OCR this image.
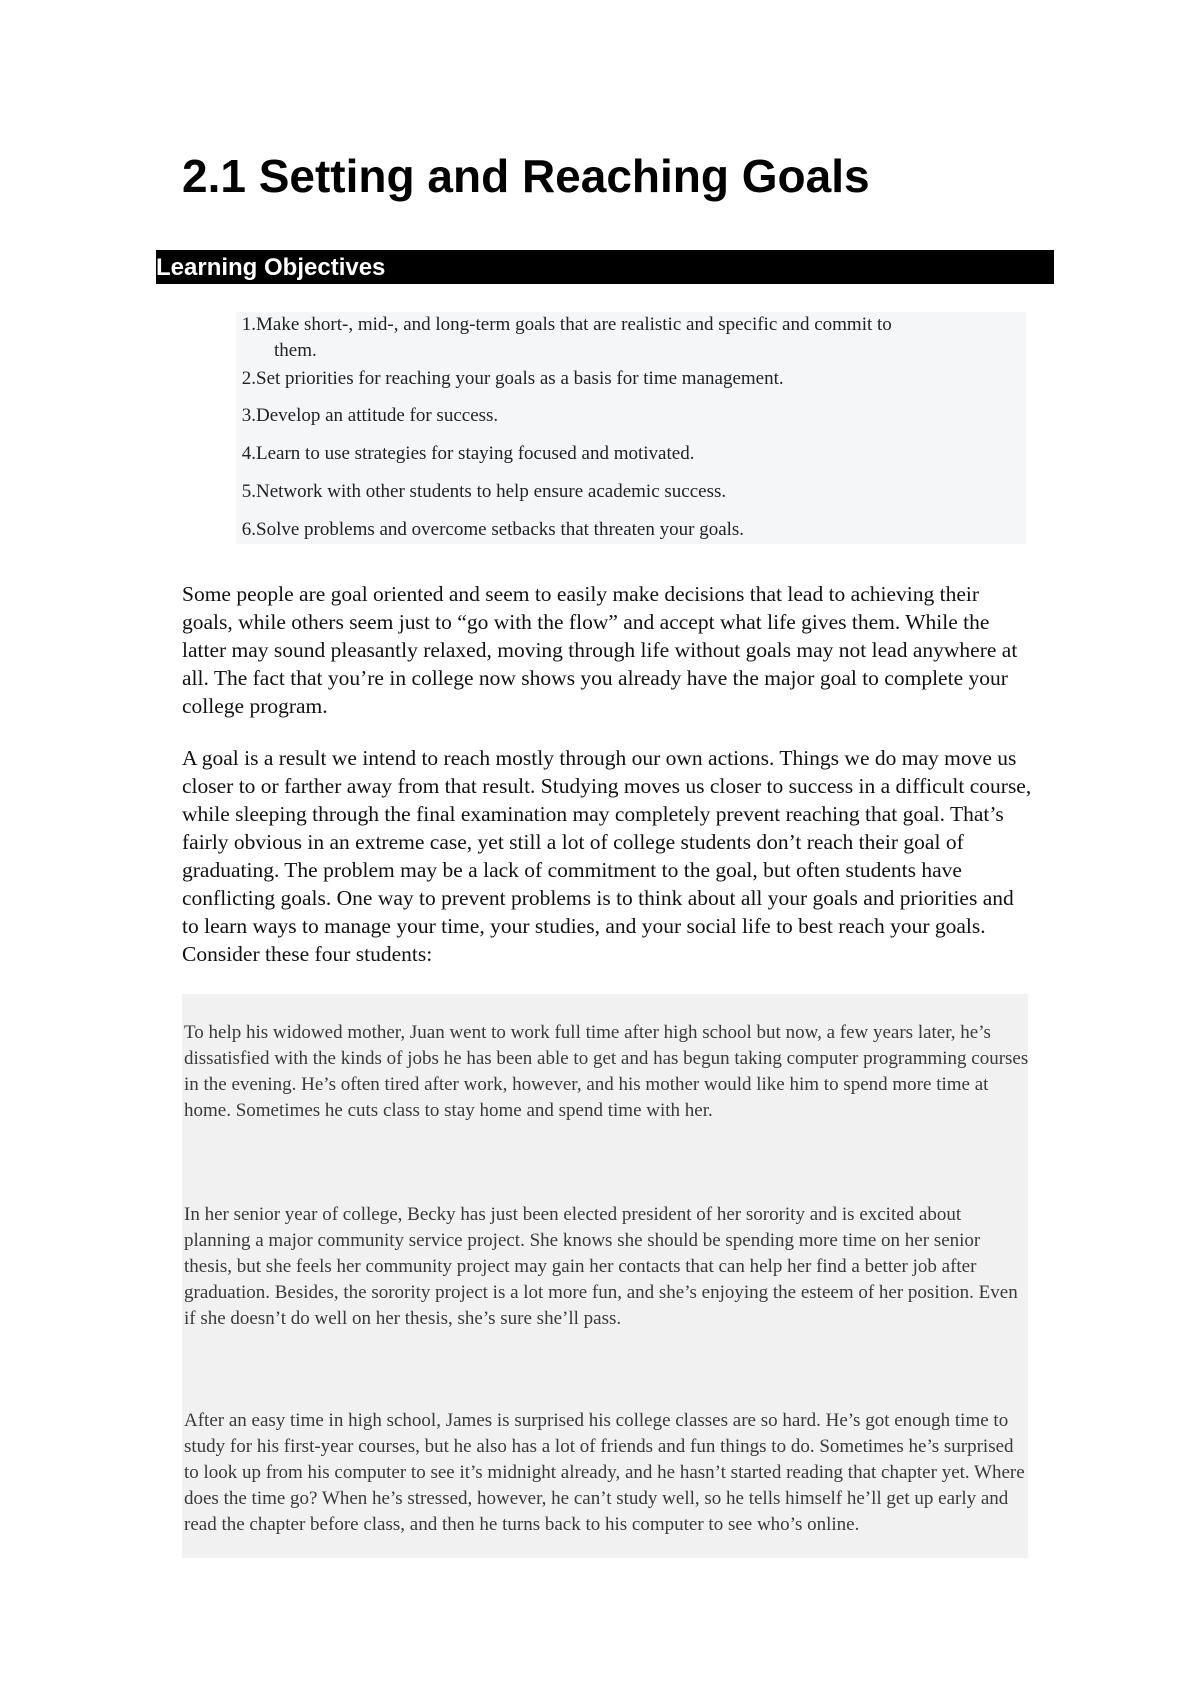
2.1 Setting and Reaching Goals
Learning Objectives
1. Make short-, mid-, and long-term goals that are realistic and specific and commit to
them.
2. Set priorities for reaching your goals as a basis for time management.
3. Develop an attitude for success.
4. Learn to use strategies for staying focused and motivated.
5. Network with other students to help ensure academic success.
6. Solve problems and overcome setbacks that threaten your goals.

Some people are goal oriented and seem to easily make decisions that lead to achieving their goals, while others seem just to “go with the flow” and accept what life gives them. While the latter may sound pleasantly relaxed, moving through life without goals may not lead anywhere at all. The fact that you’re in college now shows you already have the major goal to complete your college program.

A goal is a result we intend to reach mostly through our own actions. Things we do may move us closer to or farther away from that result. Studying moves us closer to success in a difficult course, while sleeping through the final examination may completely prevent reaching that goal. That’s fairly obvious in an extreme case, yet still a lot of college students don’t reach their goal of graduating. The problem may be a lack of commitment to the goal, but often students have conflicting goals. One way to prevent problems is to think about all your goals and priorities and to learn ways to manage your time, your studies, and your social life to best reach your goals. Consider these four students:

To help his widowed mother, Juan went to work full time after high school but now, a few years later, he’s dissatisfied with the kinds of jobs he has been able to get and has begun taking computer programming courses in the evening. He’s often tired after work, however, and his mother would like him to spend more time at home. Sometimes he cuts class to stay home and spend time with her.

In her senior year of college, Becky has just been elected president of her sorority and is excited about planning a major community service project. She knows she should be spending more time on her senior thesis, but she feels her community project may gain her contacts that can help her find a better job after graduation. Besides, the sorority project is a lot more fun, and she’s enjoying the esteem of her position. Even if she doesn’t do well on her thesis, she’s sure she’ll pass.

After an easy time in high school, James is surprised his college classes are so hard. He’s got enough time to study for his first-year courses, but he also has a lot of friends and fun things to do. Sometimes he’s surprised to look up from his computer to see it’s midnight already, and he hasn’t started reading that chapter yet. Where does the time go? When he’s stressed, however, he can’t study well, so he tells himself he’ll get up early and read the chapter before class, and then he turns back to his computer to see who’s online.
